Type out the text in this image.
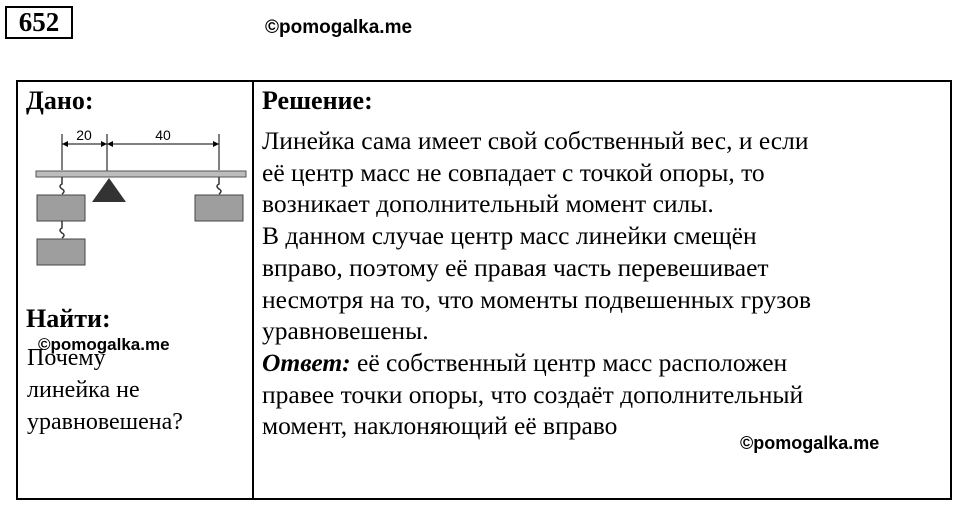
652	©pomogalka.me
Дано:
20	40
Найти:
Почему
линейка не
уравновешена?
Решение:
Линейка сама имеет свой собственный вес, и если
её центр масс не совпадает с точкой опоры, то
возникает дополнительный момент силы.
В данном случае центр масс линейки смещён
вправо, поэтому её правая часть перевешивает
несмотря на то, что моменты подвешенных грузов
уравновешены.
Ответ: её собственный центр масс расположен
правее точки опоры, что создаёт дополнительный
момент, наклоняющий её вправо
©pomogalka.me
©pomogalka.me
